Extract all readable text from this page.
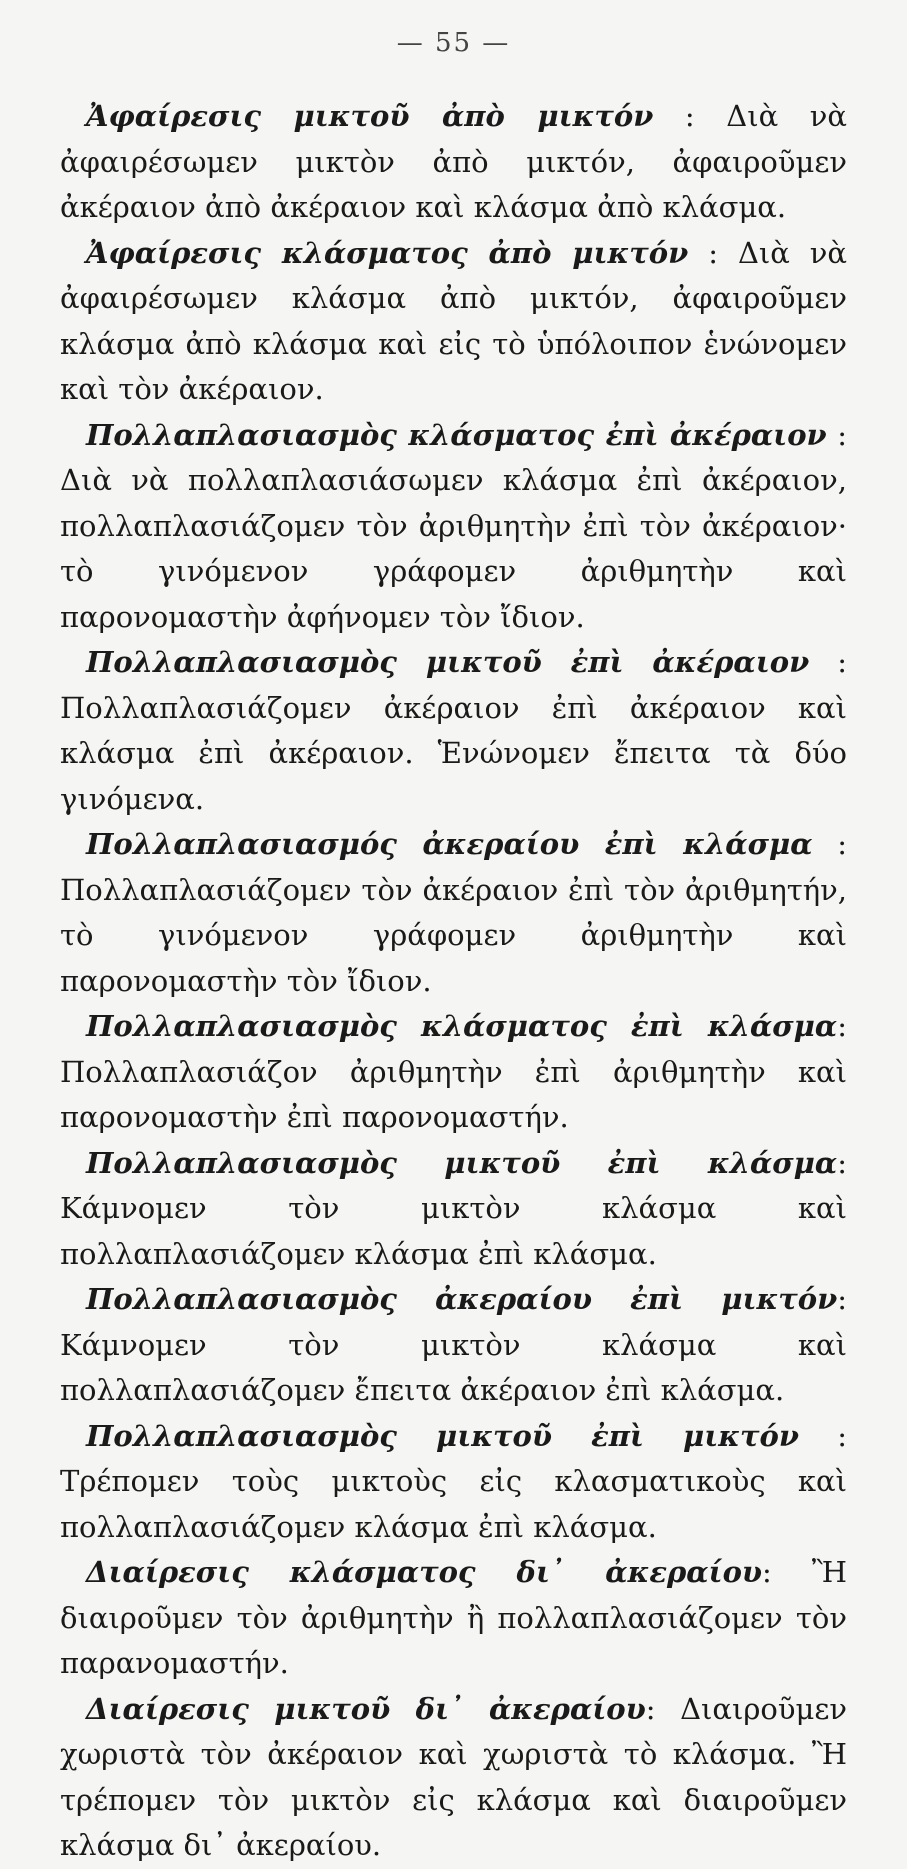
— 55 —

Ἀφαίρεσις μικτοῦ ἀπὸ μικτόν : Διὰ νὰ ἀφαιρέσωμεν μικτὸν ἀπὸ μικτόν, ἀφαιροῦμεν ἀκέραιον ἀπὸ ἀκέραιον καὶ κλάσμα ἀπὸ κλάσμα.

Ἀφαίρεσις κλάσματος ἀπὸ μικτόν : Διὰ νὰ ἀφαιρέσωμεν κλάσμα ἀπὸ μικτόν, ἀφαιροῦμεν κλάσμα ἀπὸ κλάσμα καὶ εἰς τὸ ὑπόλοιπον ἑνώνομεν καὶ τὸν ἀκέραιον.

Πολλαπλασιασμὸς κλάσματος ἐπὶ ἀκέραιον : Διὰ νὰ πολλαπλασιάσωμεν κλάσμα ἐπὶ ἀκέραιον, πολλαπλασιάζομεν τὸν ἀριθμητὴν ἐπὶ τὸν ἀκέραιον· τὸ γινόμενον γράφομεν ἀριθμητὴν καὶ παρονομαστὴν ἀφήνομεν τὸν ἴδιον.

Πολλαπλασιασμὸς μικτοῦ ἐπὶ ἀκέραιον : Πολλαπλασιάζομεν ἀκέραιον ἐπὶ ἀκέραιον καὶ κλάσμα ἐπὶ ἀκέραιον. Ἑνώνομεν ἔπειτα τὰ δύο γινόμενα.

Πολλαπλασιασμός ἀκεραίου ἐπὶ κλάσμα : Πολλαπλασιάζομεν τὸν ἀκέραιον ἐπὶ τὸν ἀριθμητήν, τὸ γινόμενον γράφομεν ἀριθμητὴν καὶ παρονομαστὴν τὸν ἴδιον.

Πολλαπλασιασμὸς κλάσματος ἐπὶ κλάσμα: Πολλαπλασιάζον ἀριθμητὴν ἐπὶ ἀριθμητὴν καὶ παρονομαστὴν ἐπὶ παρονομαστήν.

Πολλαπλασιασμὸς μικτοῦ ἐπὶ κλάσμα: Κάμνομεν τὸν μικτὸν κλάσμα καὶ πολλαπλασιάζομεν κλάσμα ἐπὶ κλάσμα.

Πολλαπλασιασμὸς ἀκεραίου ἐπὶ μικτόν: Κάμνομεν τὸν μικτὸν κλάσμα καὶ πολλαπλασιάζομεν ἔπειτα ἀκέραιον ἐπὶ κλάσμα.

Πολλαπλασιασμὸς μικτοῦ ἐπὶ μικτόν : Τρέπομεν τοὺς μικτοὺς εἰς κλασματικοὺς καὶ πολλαπλασιάζομεν κλάσμα ἐπὶ κλάσμα.

Διαίρεσις κλάσματος δι᾽ ἀκεραίου: Ἢ διαιροῦμεν τὸν ἀριθμητὴν ἢ πολλαπλασιάζομεν τὸν παρανομαστήν.

Διαίρεσις μικτοῦ δι᾽ ἀκεραίου: Διαιροῦμεν χωριστὰ τὸν ἀκέραιον καὶ χωριστὰ τὸ κλάσμα. Ἢ τρέπομεν τὸν μικτὸν εἰς κλάσμα καὶ διαιροῦμεν κλάσμα δι᾽ ἀκεραίου.
